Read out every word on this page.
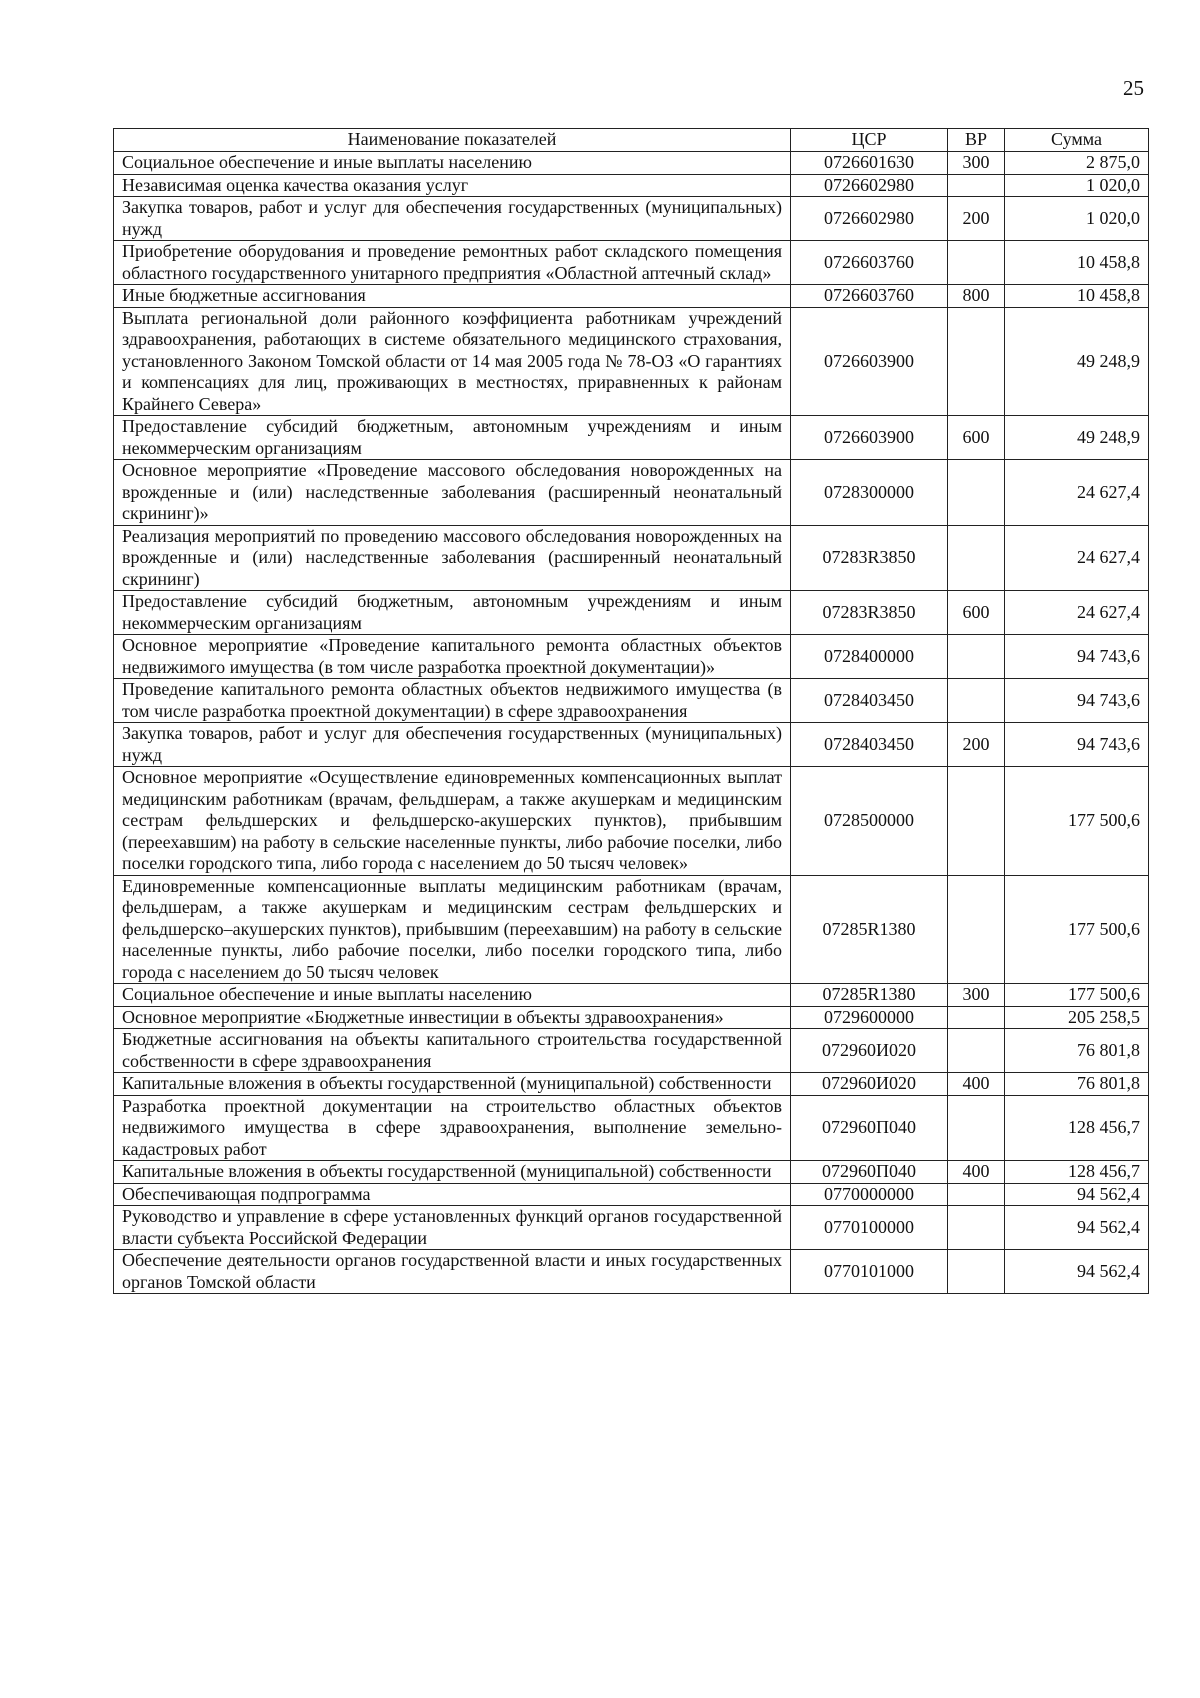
25
Наименование показателей	ЦСР	ВР	Сумма
Социальное обеспечение и иные выплаты населению	0726601630	300	2 875,0
Независимая оценка качества оказания услуг	0726602980		1 020,0
Закупка товаров, работ и услуг для обеспечения государственных (муниципальных) нужд	0726602980	200	1 020,0
Приобретение оборудования и проведение ремонтных работ складского помещения областного государственного унитарного предприятия «Областной аптечный склад»	0726603760		10 458,8
Иные бюджетные ассигнования	0726603760	800	10 458,8
Выплата региональной доли районного коэффициента работникам учреждений здравоохранения, работающих в системе обязательного медицинского страхования, установленного Законом Томской области от 14 мая 2005 года № 78-ОЗ «О гарантиях и компенсациях для лиц, проживающих в местностях, приравненных к районам Крайнего Севера»	0726603900		49 248,9
Предоставление субсидий бюджетным, автономным учреждениям и иным некоммерческим организациям	0726603900	600	49 248,9
Основное мероприятие «Проведение массового обследования новорожденных на врожденные и (или) наследственные заболевания (расширенный неонатальный скрининг)»	0728300000		24 627,4
Реализация мероприятий по проведению массового обследования новорожденных на врожденные и (или) наследственные заболевания (расширенный неонатальный скрининг)	07283R3850		24 627,4
Предоставление субсидий бюджетным, автономным учреждениям и иным некоммерческим организациям	07283R3850	600	24 627,4
Основное мероприятие «Проведение капитального ремонта областных объектов недвижимого имущества (в том числе разработка проектной документации)»	0728400000		94 743,6
Проведение капитального ремонта областных объектов недвижимого имущества (в том числе разработка проектной документации) в сфере здравоохранения	0728403450		94 743,6
Закупка товаров, работ и услуг для обеспечения государственных (муниципальных) нужд	0728403450	200	94 743,6
Основное мероприятие «Осуществление единовременных компенсационных выплат медицинским работникам (врачам, фельдшерам, а также акушеркам и медицинским сестрам фельдшерских и фельдшерско-акушерских пунктов), прибывшим (переехавшим) на работу в сельские населенные пункты, либо рабочие поселки, либо поселки городского типа, либо города с населением до 50 тысяч человек»	0728500000		177 500,6
Единовременные компенсационные выплаты медицинским работникам (врачам, фельдшерам, а также акушеркам и медицинским сестрам фельдшерских и фельдшерско–акушерских пунктов), прибывшим (переехавшим) на работу в сельские населенные пункты, либо рабочие поселки, либо поселки городского типа, либо города с населением до 50 тысяч человек	07285R1380		177 500,6
Социальное обеспечение и иные выплаты населению	07285R1380	300	177 500,6
Основное мероприятие «Бюджетные инвестиции в объекты здравоохранения»	0729600000		205 258,5
Бюджетные ассигнования на объекты капитального строительства государственной собственности в сфере здравоохранения	072960И020		76 801,8
Капитальные вложения в объекты государственной (муниципальной) собственности	072960И020	400	76 801,8
Разработка проектной документации на строительство областных объектов недвижимого имущества в сфере здравоохранения, выполнение земельно-кадастровых работ	072960П040		128 456,7
Капитальные вложения в объекты государственной (муниципальной) собственности	072960П040	400	128 456,7
Обеспечивающая подпрограмма	0770000000		94 562,4
Руководство и управление в сфере установленных функций органов государственной власти субъекта Российской Федерации	0770100000		94 562,4
Обеспечение деятельности органов государственной власти и иных государственных органов Томской области	0770101000		94 562,4
